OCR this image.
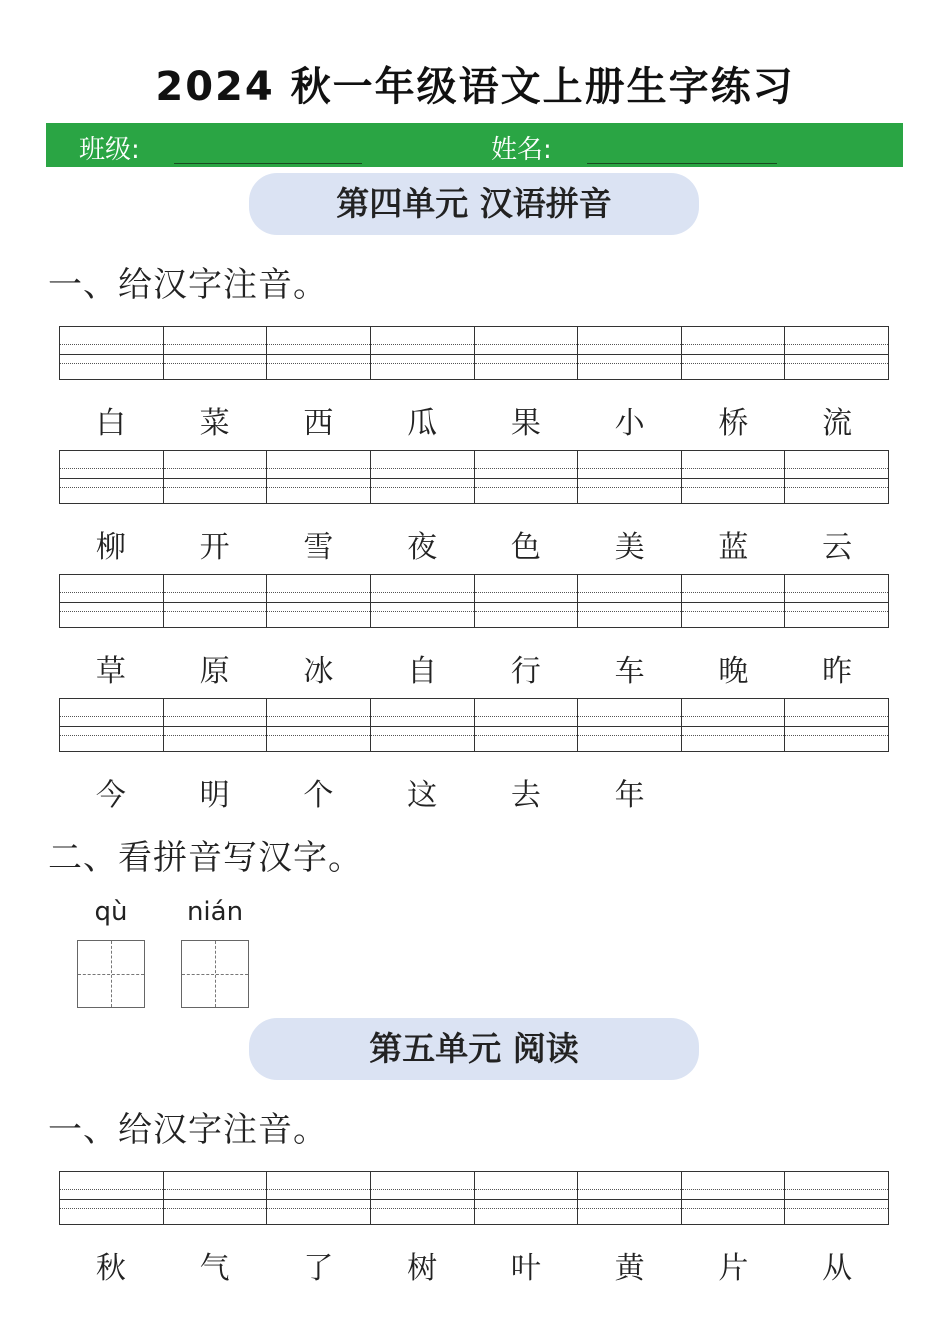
2024 秋一年级语文上册生字练习
班级:	姓名:
第四单元 汉语拼音
一、给汉字注音。
白	菜	西	瓜	果	小	桥	流
柳	开	雪	夜	色	美	蓝	云
草	原	冰	自	行	车	晚	昨
今	明	个	这	去	年
二、看拼音写汉字。
qù	nián
第五单元 阅读
一、给汉字注音。
秋	气	了	树	叶	黄	片	从
